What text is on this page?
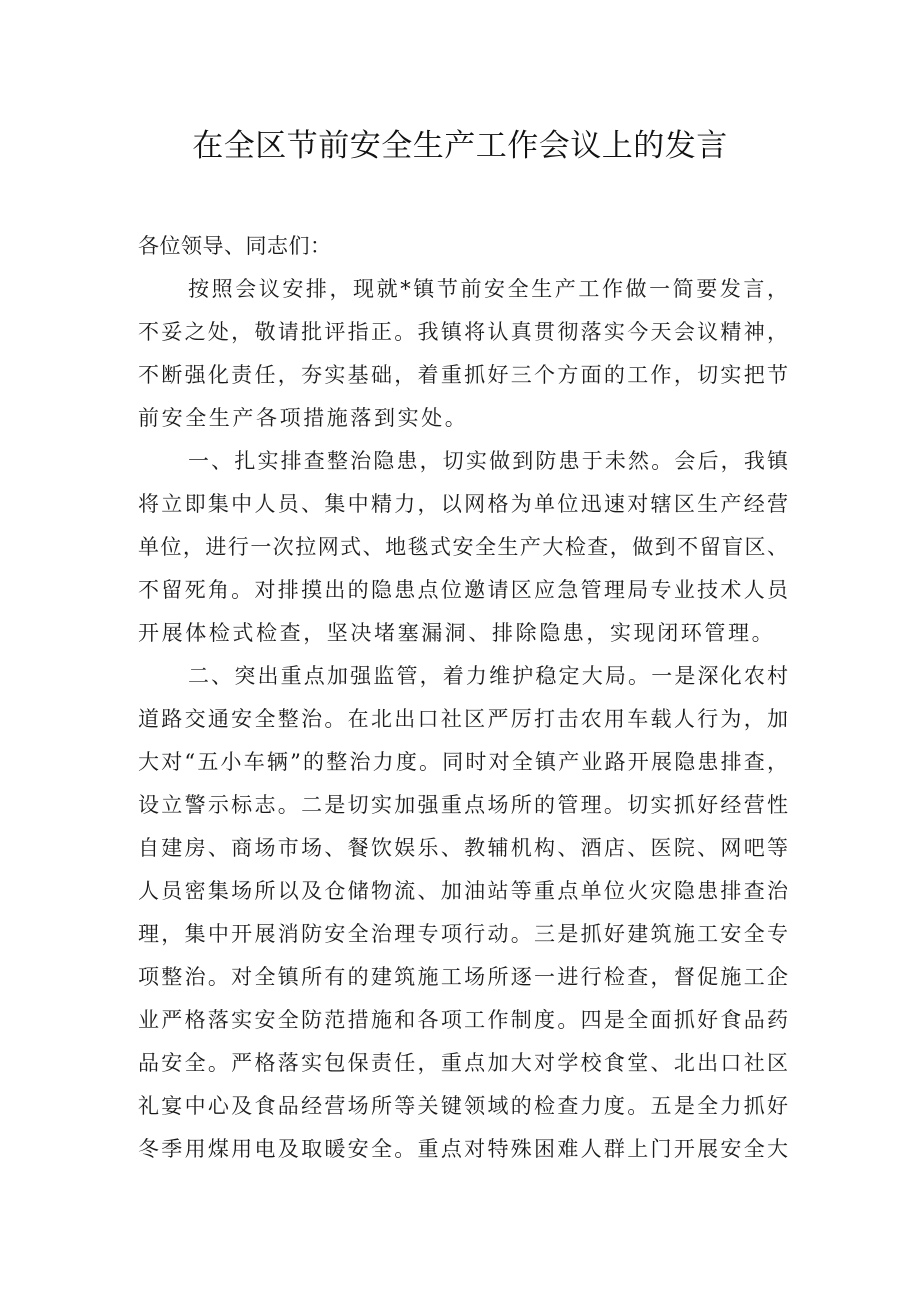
在全区节前安全生产工作会议上的发言

各位领导、同志们：

按照会议安排，现就*镇节前安全生产工作做一简要发言，
不妥之处，敬请批评指正。我镇将认真贯彻落实今天会议精神，
不断强化责任，夯实基础，着重抓好三个方面的工作，切实把节
前安全生产各项措施落到实处。

一、扎实排查整治隐患，切实做到防患于未然。会后，我镇
将立即集中人员、集中精力，以网格为单位迅速对辖区生产经营
单位，进行一次拉网式、地毯式安全生产大检查，做到不留盲区、
不留死角。对排摸出的隐患点位邀请区应急管理局专业技术人员
开展体检式检查，坚决堵塞漏洞、排除隐患，实现闭环管理。

二、突出重点加强监管，着力维护稳定大局。一是深化农村
道路交通安全整治。在北出口社区严厉打击农用车载人行为，加
大对“五小车辆”的整治力度。同时对全镇产业路开展隐患排查，
设立警示标志。二是切实加强重点场所的管理。切实抓好经营性
自建房、商场市场、餐饮娱乐、教辅机构、酒店、医院、网吧等
人员密集场所以及仓储物流、加油站等重点单位火灾隐患排查治
理，集中开展消防安全治理专项行动。三是抓好建筑施工安全专
项整治。对全镇所有的建筑施工场所逐一进行检查，督促施工企
业严格落实安全防范措施和各项工作制度。四是全面抓好食品药
品安全。严格落实包保责任，重点加大对学校食堂、北出口社区
礼宴中心及食品经营场所等关键领域的检查力度。五是全力抓好
冬季用煤用电及取暖安全。重点对特殊困难人群上门开展安全大
